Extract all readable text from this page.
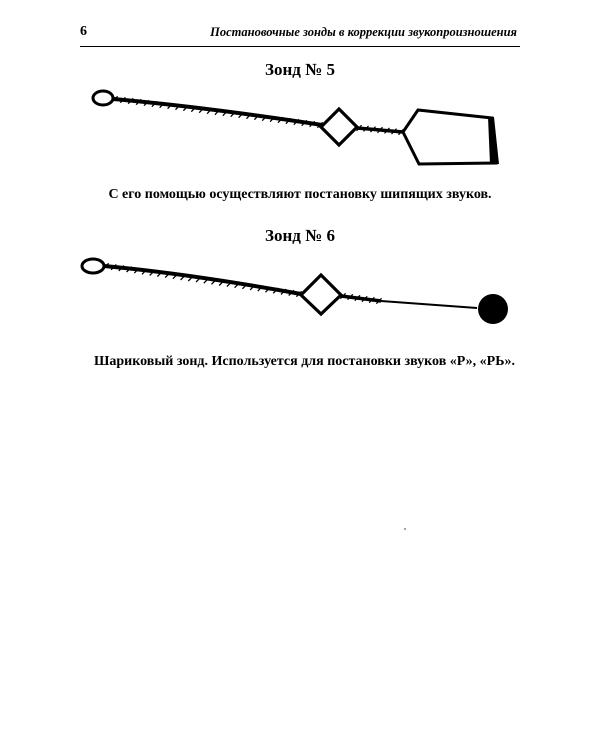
6	Постановочные зонды в коррекции звукопроизношения
Зонд № 5
С его помощью осуществляют постановку шипящих звуков.
Зонд № 6
Шариковый зонд. Используется для постановки звуков «Р», «РЬ».
